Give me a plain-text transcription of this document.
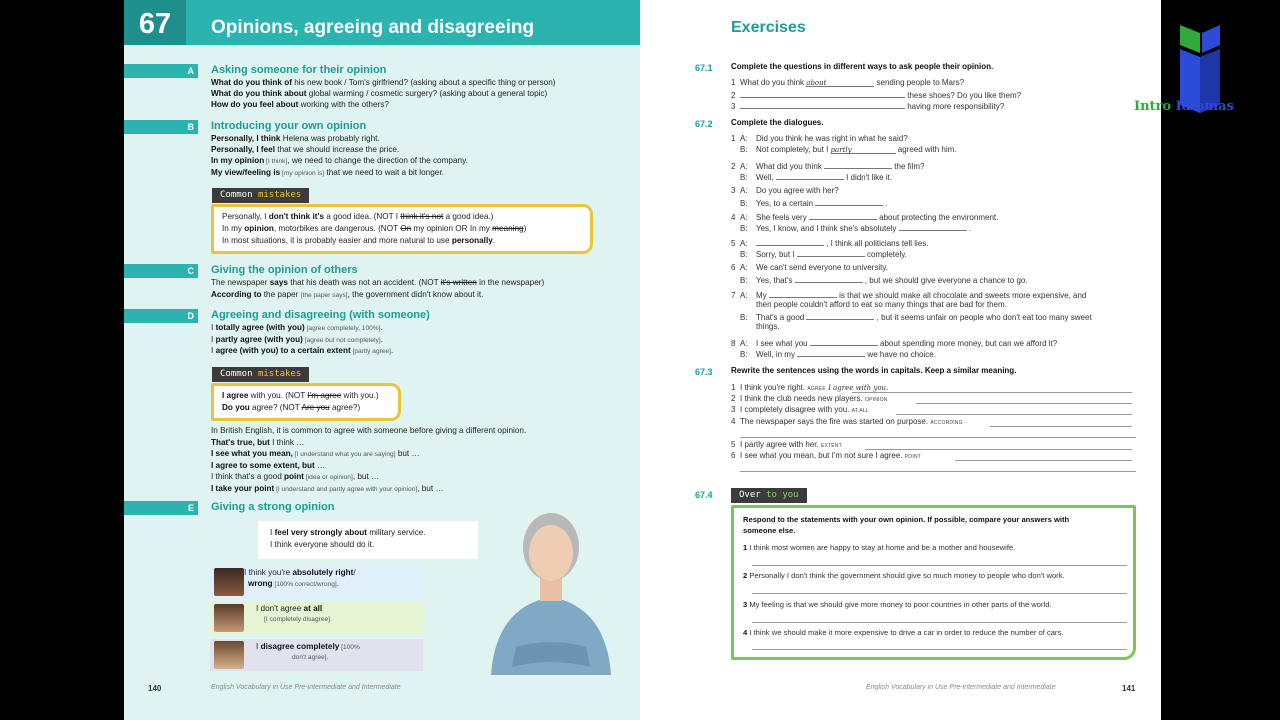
67	Opinions, agreeing and disagreeing
A	Asking someone for their opinion
What do you think of his new book / Tom's girlfriend? (asking about a specific thing or person)
What do you think about global warming / cosmetic surgery? (asking about a general topic)
How do you feel about working with the others?
B	Introducing your own opinion
Personally, I think Helena was probably right.
Personally, I feel that we should increase the price.
In my opinion [I think], we need to change the direction of the company.
My view/feeling is [my opinion is] that we need to wait a bit longer.
Common mistakes
Personally, I don't think it's a good idea. (NOT I think it's not a good idea.)
In my opinion, motorbikes are dangerous. (NOT On my opinion OR In my meaning)
In most situations, it is probably easier and more natural to use personally.
C	Giving the opinion of others
The newspaper says that his death was not an accident. (NOT it's written in the newspaper)
According to the paper [the paper says], the government didn't know about it.
D	Agreeing and disagreeing (with someone)
I totally agree (with you) [agree completely, 100%].
I partly agree (with you) [agree but not completely].
I agree (with you) to a certain extent [partly agree].
Common mistakes
I agree with you. (NOT I'm agree with you.)
Do you agree? (NOT Are you agree?)
In British English, it is common to agree with someone before giving a different opinion.
That's true, but I think …
I see what you mean, [I understand what you are saying] but …
I agree to some extent, but …
I think that's a good point [idea or opinion], but …
I take your point [I understand and partly agree with your opinion], but …
E	Giving a strong opinion
I feel very strongly about military service.
I think everyone should do it.
I think you're absolutely right/
wrong [100% correct/wrong].
I don't agree at all
[I completely disagree].
I disagree completely [100%
don't agree].
140	English Vocabulary in Use Pre-intermediate and Intermediate
Exercises
67.1 Complete the questions in different ways to ask people their opinion.
1 What do you think about	sending people to Mars?
2	these shoes? Do you like them?
3	having more responsibility?
67.2 Complete the dialogues.
1 A: Did you think he was right in what he said?
B: Not completely, but I partly	agreed with him.
2 A: What did you think	the film?
B: Well,	I didn't like it.
3 A: Do you agree with her?
B: Yes, to a certain	.
4 A: She feels very	about protecting the environment.
B: Yes, I know, and I think she's absolutely	.
5 A:	, I think all politicians tell lies.
B: Sorry, but I	completely.
6 A: We can't send everyone to university.
B: Yes, that's	, but we should give everyone a chance to go.
7 A: My	is that we should make all chocolate and sweets more expensive, and
then people couldn't afford to eat so many things that are bad for them.
B: That's a good	, but it seems unfair on people who don't eat too many sweet
things.
8 A: I see what you	about spending more money, but can we afford it?
B: Well, in my	we have no choice.
67.3 Rewrite the sentences using the words in capitals. Keep a similar meaning.
1 I think you're right. AGREE I agree with you.
2 I think the club needs new players. OPINION
3 I completely disagree with you. AT ALL
4 The newspaper says the fire was started on purpose. ACCORDING
5 I partly agree with her. EXTENT
6 I see what you mean, but I'm not sure I agree. POINT
67.4	Over to you
Respond to the statements with your own opinion. If possible, compare your answers with
someone else.
1 I think most women are happy to stay at home and be a mother and housewife.
2 Personally I don't think the government should give so much money to people who don't work.
3 My feeling is that we should give more money to poor countries in other parts of the world.
4 I think we should make it more expensive to drive a car in order to reduce the number of cars.
English Vocabulary in Use Pre-intermediate and Intermediate	141
Intro Idiomas
